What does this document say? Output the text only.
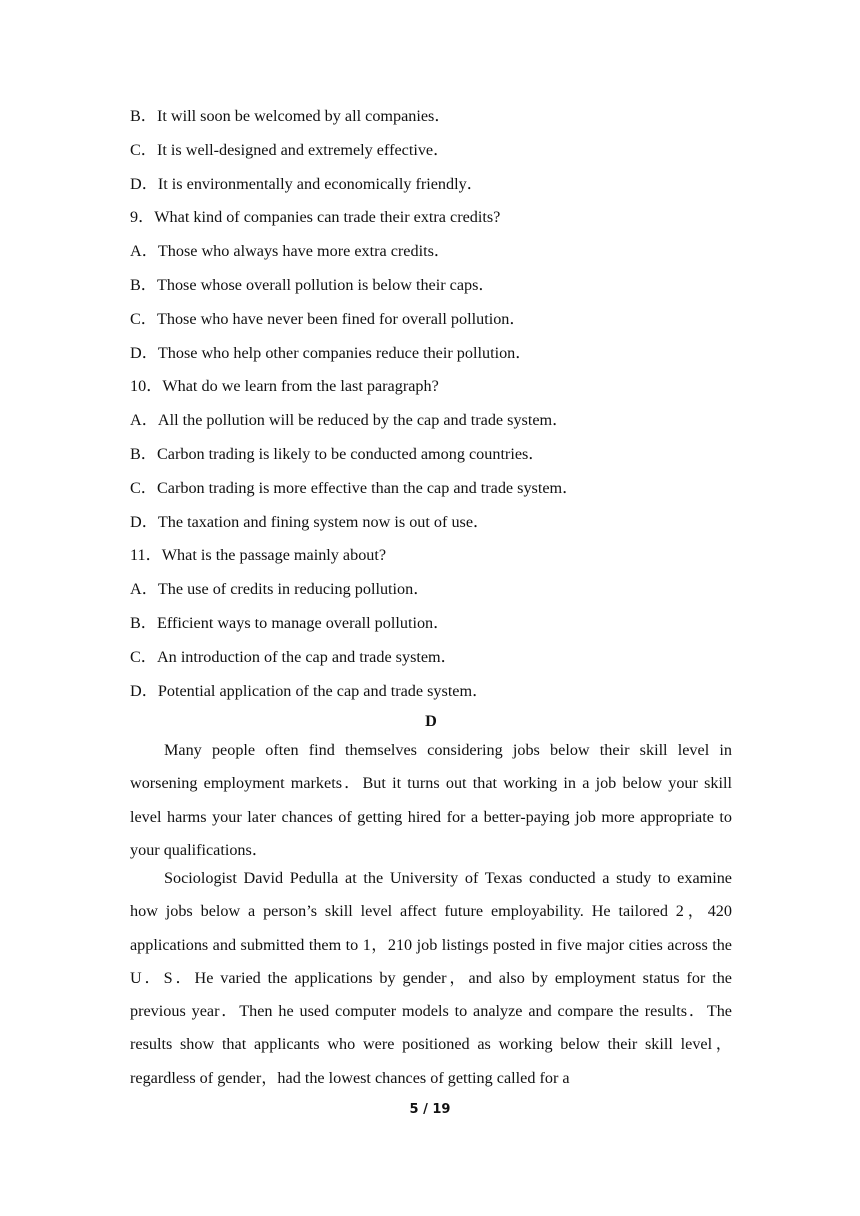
B．It will soon be welcomed by all companies．
C．It is well-designed and extremely effective．
D．It is environmentally and economically friendly．
9．What kind of companies can trade their extra credits?
A．Those who always have more extra credits．
B．Those whose overall pollution is below their caps．
C．Those who have never been fined for overall pollution．
D．Those who help other companies reduce their pollution．
10．What do we learn from the last paragraph?
A．All the pollution will be reduced by the cap and trade system．
B．Carbon trading is likely to be conducted among countries．
C．Carbon trading is more effective than the cap and trade system．
D．The taxation and fining system now is out of use．
11．What is the passage mainly about?
A．The use of credits in reducing pollution．
B．Efficient ways to manage overall pollution．
C．An introduction of the cap and trade system．
D．Potential application of the cap and trade system．
D

Many people often find themselves considering jobs below their skill level in worsening employment markets．But it turns out that working in a job below your skill level harms your later chances of getting hired for a better-paying job more appropriate to your qualifications．

Sociologist David Pedulla at the University of Texas conducted a study to examine how jobs below a person’s skill level affect future employability. He tailored 2，420 applications and submitted them to 1，210 job listings posted in five major cities across the U．S．He varied the applications by gender，and also by employment status for the previous year．Then he used computer models to analyze and compare the results．The results show that applicants who were positioned as working below their skill level，regardless of gender，had the lowest chances of getting called for a

5 / 19
